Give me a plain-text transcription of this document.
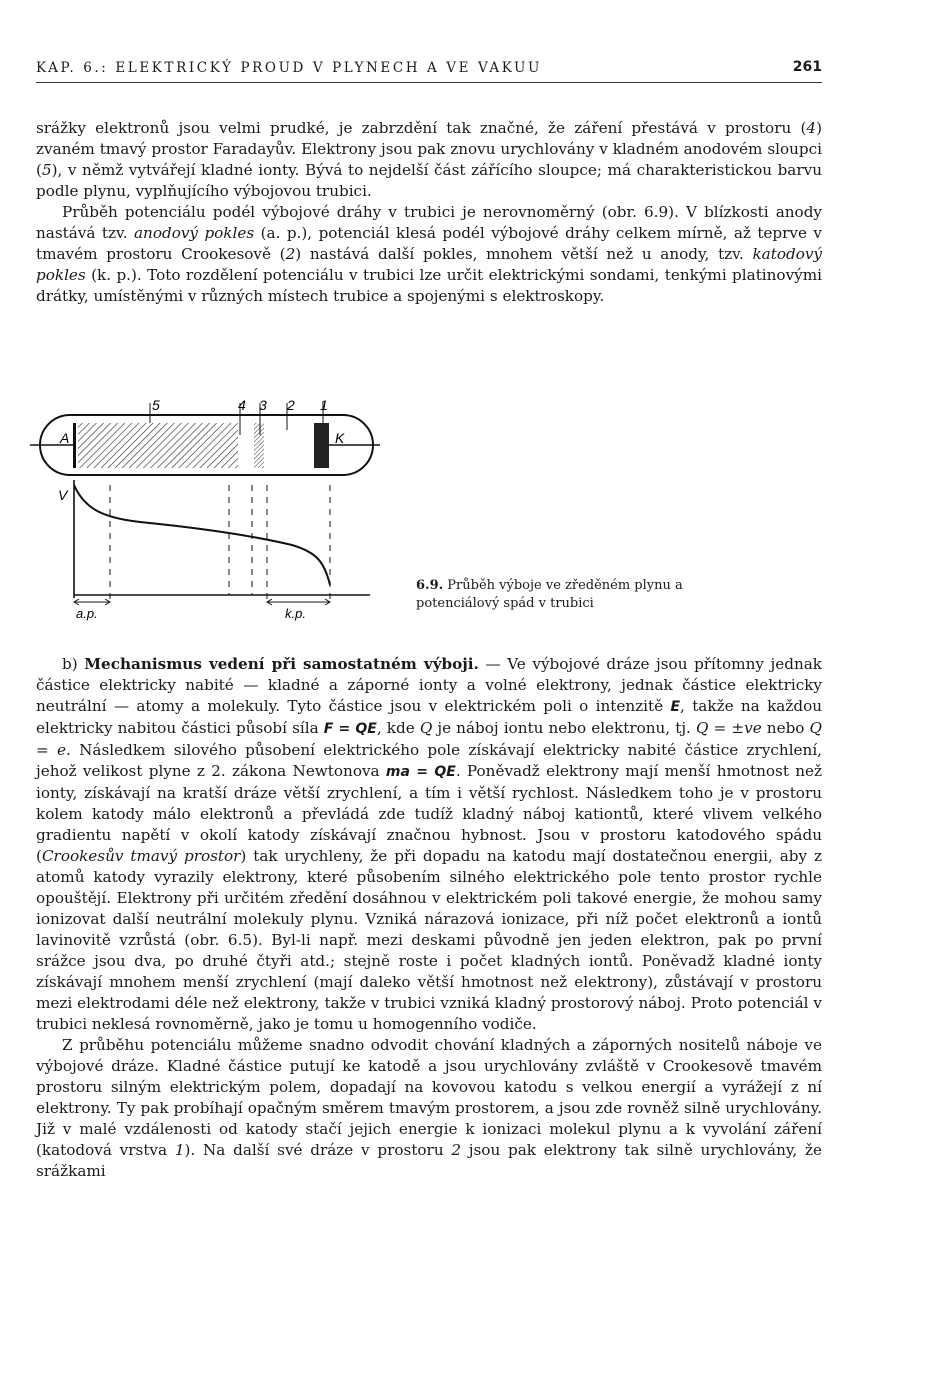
KAP. 6.: ELEKTRICKÝ PROUD V PLYNECH A VE VAKUU	261

srážky elektronů jsou velmi prudké, je zabrzdění tak značné, že záření přestává v prostoru (4) zvaném tmavý prostor Faradayův. Elektrony jsou pak znovu urychlovány v kladném anodovém sloupci (5), v němž vytvářejí kladné ionty. Bývá to nejdelší část zářícího sloupce; má charakteristickou barvu podle plynu, vyplňujícího výbojovou trubici.

Průběh potenciálu podél výbojové dráhy v trubici je nerovnoměrný (obr. 6.9). V blízkosti anody nastává tzv. anodový pokles (a. p.), potenciál klesá podél výbojové dráhy celkem mírně, až teprve v tmavém prostoru Crookesově (2) nastává další pokles, mnohem větší než u anody, tzv. katodový pokles (k. p.). Toto rozdělení potenciálu v trubici lze určit elektrickými sondami, tenkými platinovými drátky, umístěnými v různých místech trubice a spojenými s elektroskopy.

5	4 3 2 1
A	K
V
a.p.	k.p.
6.9. Průběh výboje ve zředěném plynu a potenciálový spád v trubici

b) Mechanismus vedení při samostatném výboji. — Ve výbojové dráze jsou přítomny jednak částice elektricky nabité — kladné a záporné ionty a volné elektrony, jednak částice elektricky neutrální — atomy a molekuly. Tyto částice jsou v elektrickém poli o intenzitě E, takže na každou elektricky nabitou částici působí síla F = QE, kde Q je náboj iontu nebo elektronu, tj. Q = ±ve nebo Q = e. Následkem silového působení elektrického pole získávají elektricky nabité částice zrychlení, jehož velikost plyne z 2. zákona Newtonova ma = QE. Poněvadž elektrony mají menší hmotnost než ionty, získávají na kratší dráze větší zrychlení, a tím i větší rychlost. Následkem toho je v prostoru kolem katody málo elektronů a převládá zde tudíž kladný náboj kationtů, které vlivem velkého gradientu napětí v okolí katody získávají značnou hybnost. Jsou v prostoru katodového spádu (Crookesův tmavý prostor) tak urychleny, že při dopadu na katodu mají dostatečnou energii, aby z atomů katody vyrazily elektrony, které působením silného elektrického pole tento prostor rychle opouštějí. Elektrony při určitém zředění dosáhnou v elektrickém poli takové energie, že mohou samy ionizovat další neutrální molekuly plynu. Vzniká nárazová ionizace, při níž počet elektronů a iontů lavinovitě vzrůstá (obr. 6.5). Byl-li např. mezi deskami původně jen jeden elektron, pak po první srážce jsou dva, po druhé čtyři atd.; stejně roste i počet kladných iontů. Poněvadž kladné ionty získávají mnohem menší zrychlení (mají daleko větší hmotnost než elektrony), zůstávají v prostoru mezi elektrodami déle než elektrony, takže v trubici vzniká kladný prostorový náboj. Proto potenciál v trubici neklesá rovnoměrně, jako je tomu u homogenního vodiče.

Z průběhu potenciálu můžeme snadno odvodit chování kladných a záporných nositelů náboje ve výbojové dráze. Kladné částice putují ke katodě a jsou urychlovány zvláště v Crookesově tmavém prostoru silným elektrickým polem, dopadají na kovovou katodu s velkou energií a vyrážejí z ní elektrony. Ty pak probíhají opačným směrem tmavým prostorem, a jsou zde rovněž silně urychlovány. Již v malé vzdálenosti od katody stačí jejich energie k ionizaci molekul plynu a k vyvolání záření (katodová vrstva 1). Na další své dráze v prostoru 2 jsou pak elektrony tak silně urychlovány, že srážkami
